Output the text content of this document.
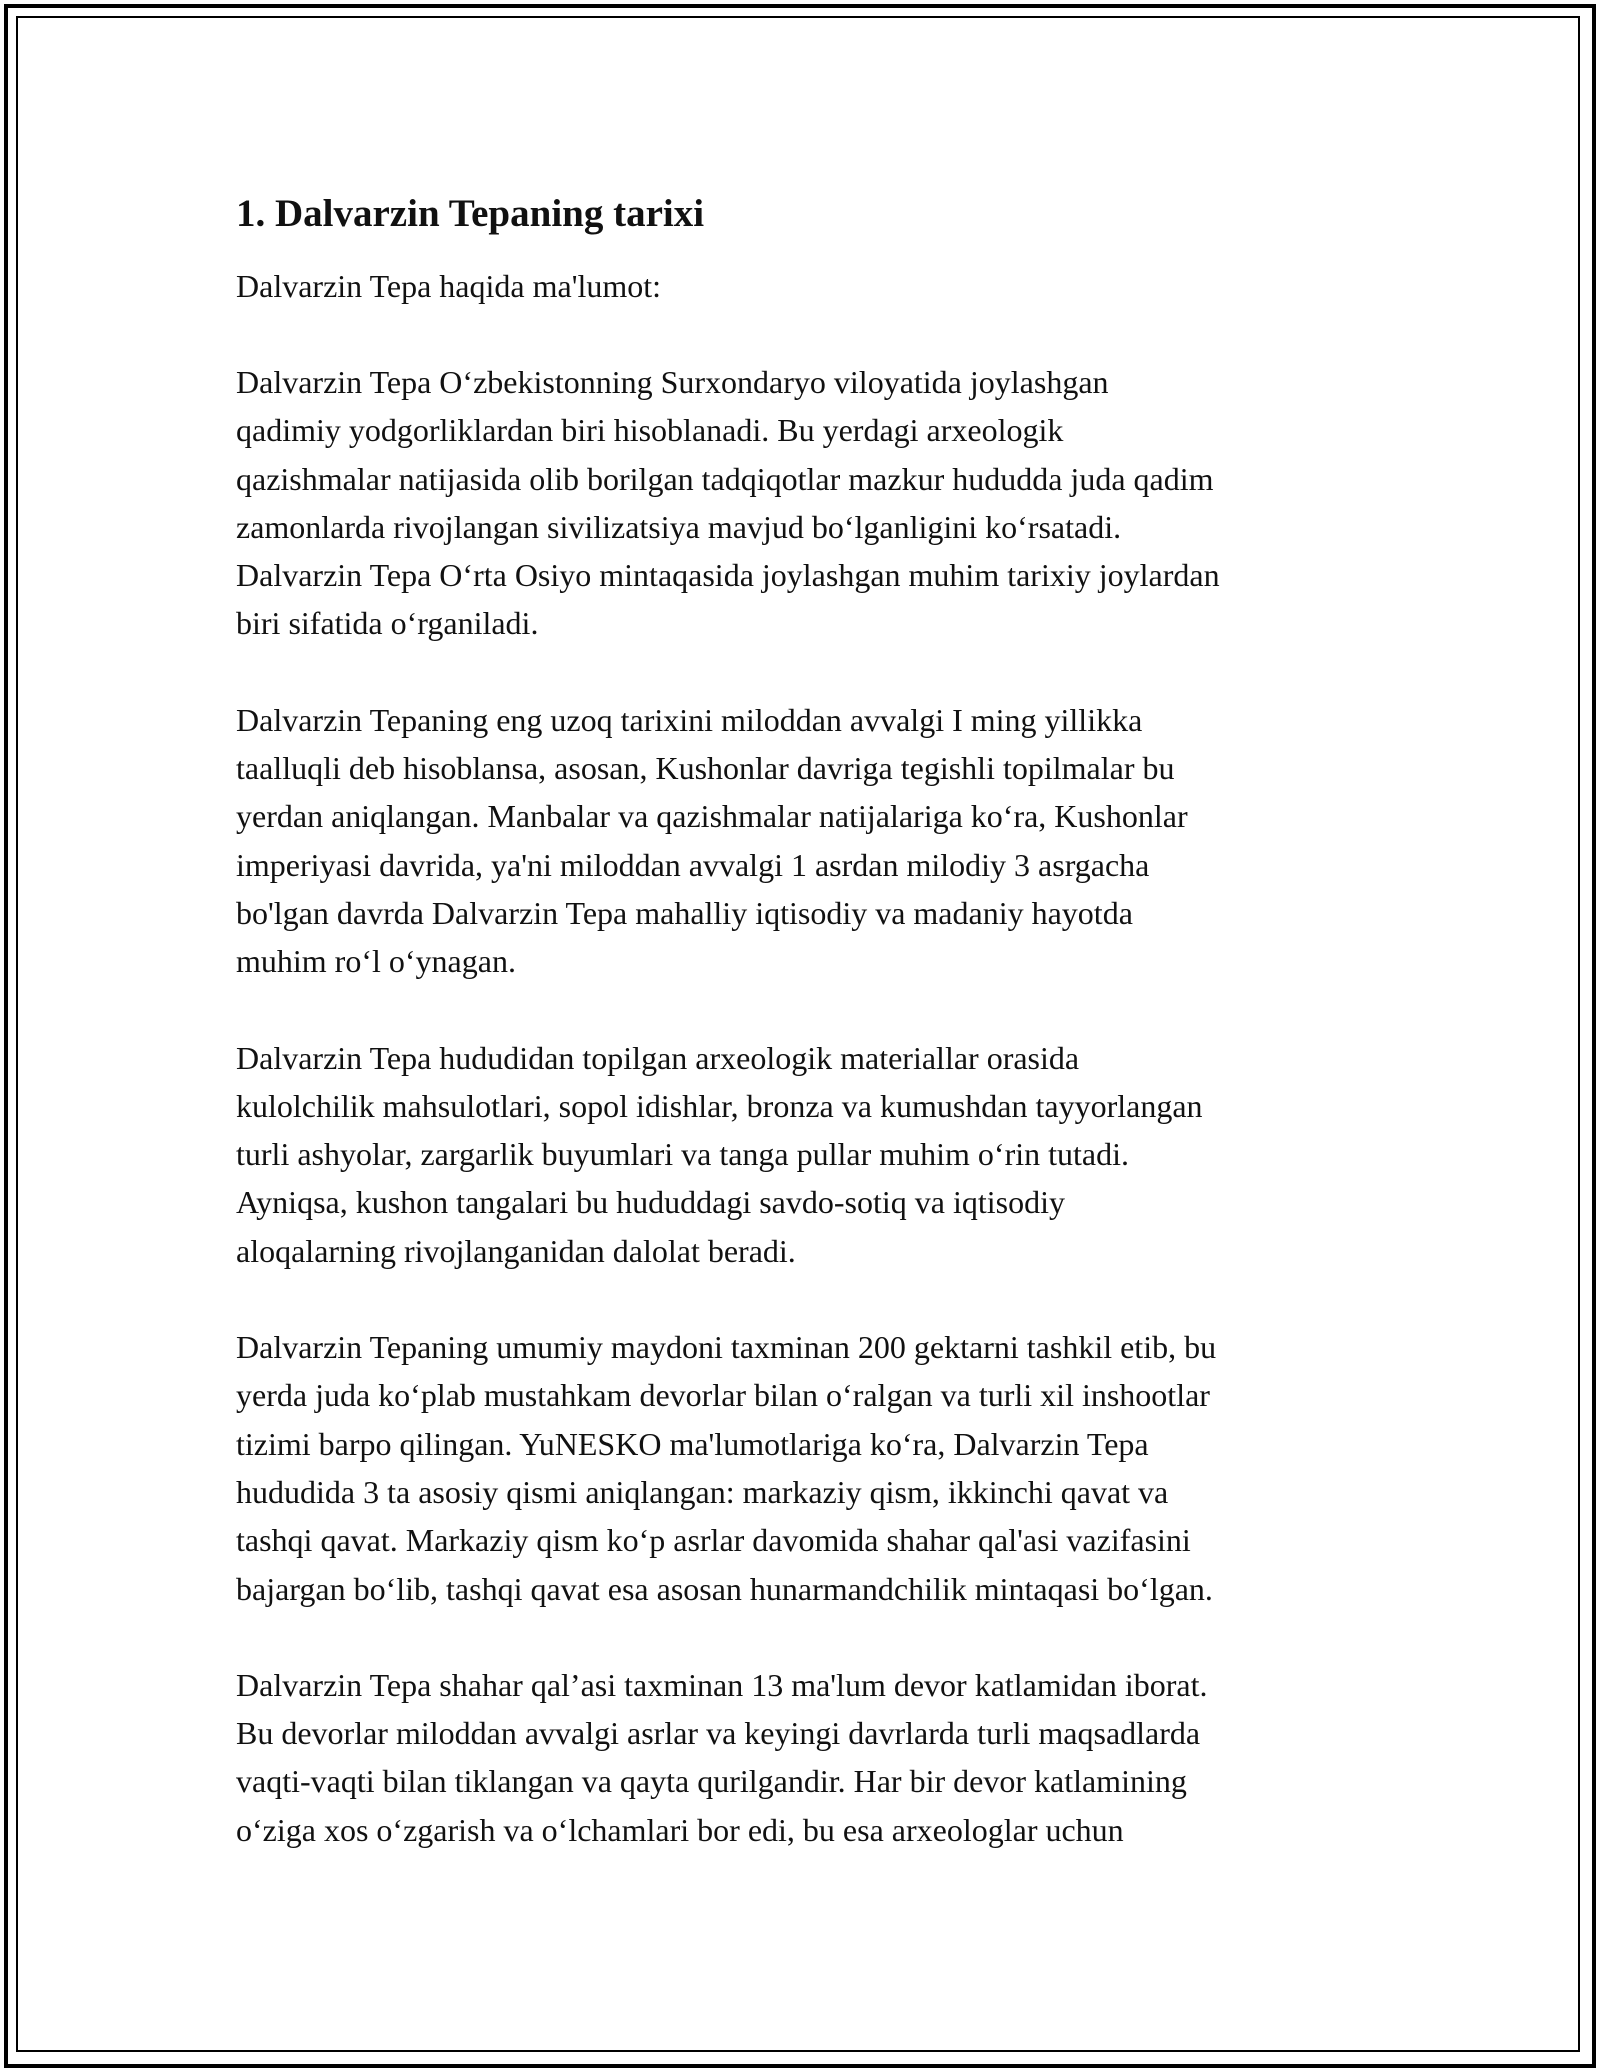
1. Dalvarzin Tepaning tarixi

Dalvarzin Tepa haqida ma'lumot:

Dalvarzin Tepa O‘zbekistonning Surxondaryo viloyatida joylashgan
qadimiy yodgorliklardan biri hisoblanadi. Bu yerdagi arxeologik
qazishmalar natijasida olib borilgan tadqiqotlar mazkur hududda juda qadim
zamonlarda rivojlangan sivilizatsiya mavjud bo‘lganligini ko‘rsatadi.
Dalvarzin Tepa O‘rta Osiyo mintaqasida joylashgan muhim tarixiy joylardan
biri sifatida o‘rganiladi.

Dalvarzin Tepaning eng uzoq tarixini miloddan avvalgi I ming yillikka
taalluqli deb hisoblansa, asosan, Kushonlar davriga tegishli topilmalar bu
yerdan aniqlangan. Manbalar va qazishmalar natijalariga ko‘ra, Kushonlar
imperiyasi davrida, ya'ni miloddan avvalgi 1 asrdan milodiy 3 asrgacha
bo'lgan davrda Dalvarzin Tepa mahalliy iqtisodiy va madaniy hayotda
muhim ro‘l o‘ynagan.

Dalvarzin Tepa hududidan topilgan arxeologik materiallar orasida
kulolchilik mahsulotlari, sopol idishlar, bronza va kumushdan tayyorlangan
turli ashyolar, zargarlik buyumlari va tanga pullar muhim o‘rin tutadi.
Ayniqsa, kushon tangalari bu hududdagi savdo-sotiq va iqtisodiy
aloqalarning rivojlanganidan dalolat beradi.

Dalvarzin Tepaning umumiy maydoni taxminan 200 gektarni tashkil etib, bu
yerda juda ko‘plab mustahkam devorlar bilan o‘ralgan va turli xil inshootlar
tizimi barpo qilingan. YuNESKO ma'lumotlariga ko‘ra, Dalvarzin Tepa
hududida 3 ta asosiy qismi aniqlangan: markaziy qism, ikkinchi qavat va
tashqi qavat. Markaziy qism ko‘p asrlar davomida shahar qal'asi vazifasini
bajargan bo‘lib, tashqi qavat esa asosan hunarmandchilik mintaqasi bo‘lgan.

Dalvarzin Tepa shahar qal’asi taxminan 13 ma'lum devor katlamidan iborat.
Bu devorlar miloddan avvalgi asrlar va keyingi davrlarda turli maqsadlarda
vaqti-vaqti bilan tiklangan va qayta qurilgandir. Har bir devor katlamining
o‘ziga xos o‘zgarish va o‘lchamlari bor edi, bu esa arxeologlar uchun
